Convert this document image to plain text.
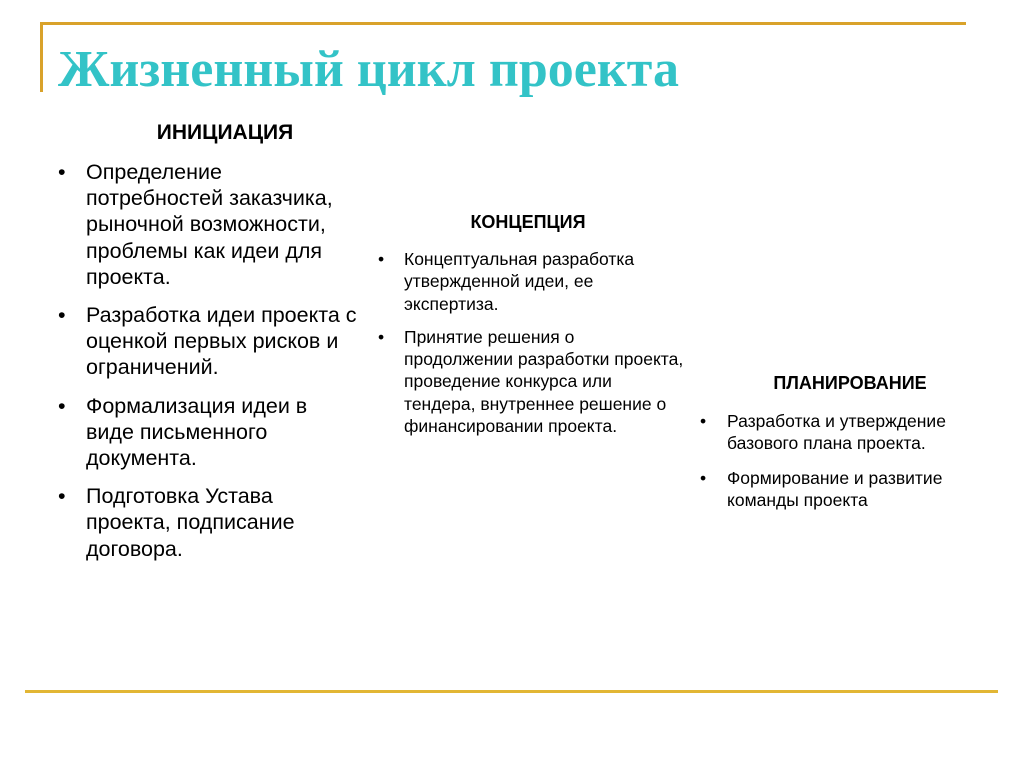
Жизненный цикл проекта
ИНИЦИАЦИЯ
• Определение потребностей заказчика, рыночной возможности, проблемы как идеи для проекта.
• Разработка идеи проекта с оценкой первых рисков и ограничений.
• Формализация идеи в виде письменного документа.
• Подготовка Устава проекта, подписание договора.
КОНЦЕПЦИЯ
• Концептуальная разработка утвержденной идеи, ее экспертиза.
• Принятие решения о продолжении разработки проекта, проведение конкурса или тендера, внутреннее решение о финансировании проекта.
ПЛАНИРОВАНИЕ
• Разработка и утверждение базового плана проекта.
• Формирование и развитие команды проекта
